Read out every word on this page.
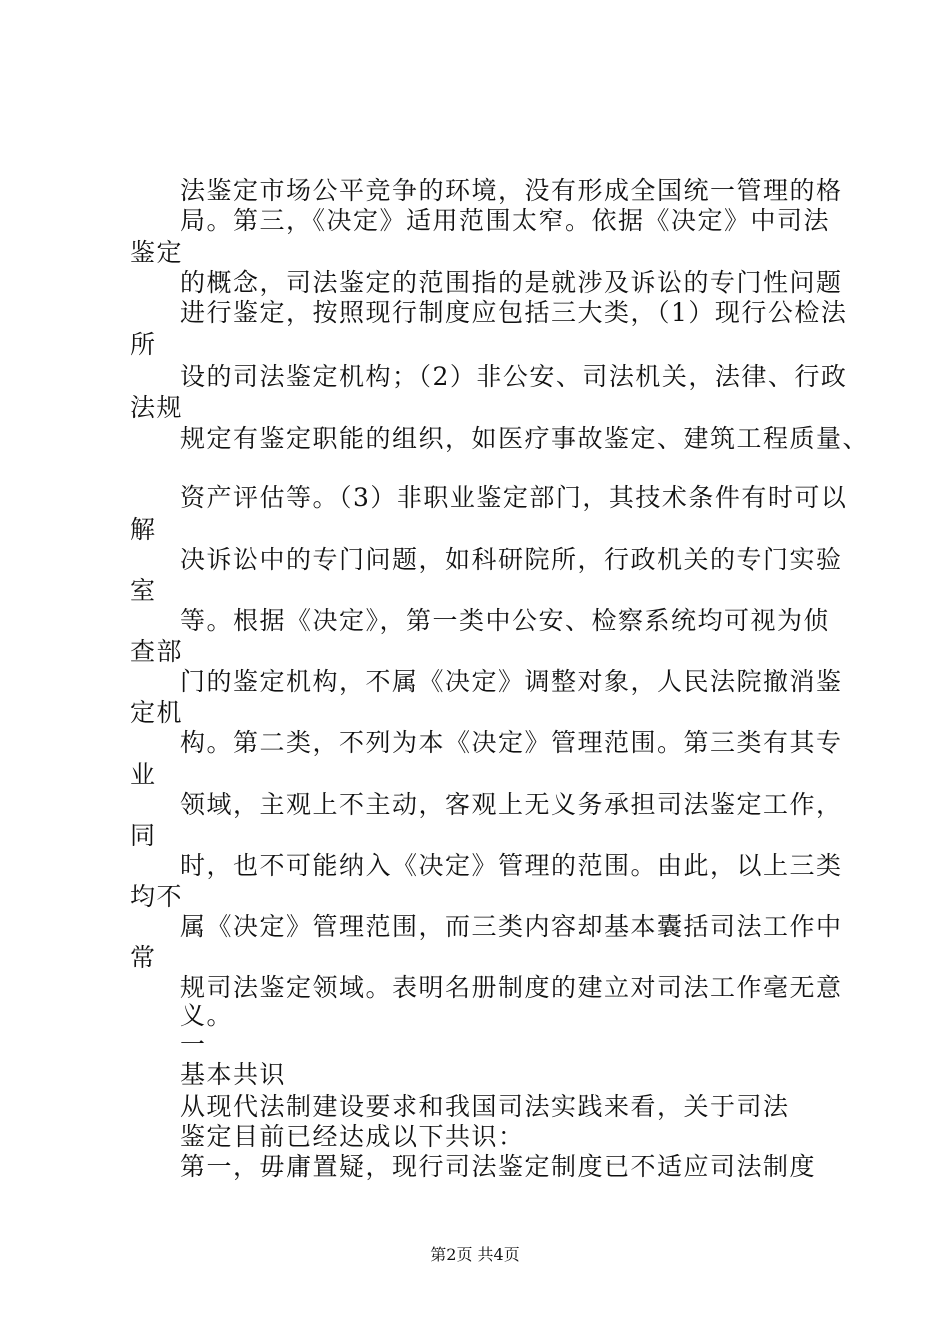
法鉴定市场公平竞争的环境，没有形成全国统一管理的格
局。第三，《决定》适用范围太窄。依据《决定》中司法
鉴定
的概念，司法鉴定的范围指的是就涉及诉讼的专门性问题
进行鉴定，按照现行制度应包括三大类，（1）现行公检法
所
设的司法鉴定机构；（2）非公安、司法机关，法律、行政
法规
规定有鉴定职能的组织，如医疗事故鉴定、建筑工程质量、
资产评估等。（3）非职业鉴定部门，其技术条件有时可以
解
决诉讼中的专门问题，如科研院所，行政机关的专门实验
室
等。根据《决定》，第一类中公安、检察系统均可视为侦
查部
门的鉴定机构，不属《决定》调整对象，人民法院撤消鉴
定机
构。第二类，不列为本《决定》管理范围。第三类有其专
业
领域，主观上不主动，客观上无义务承担司法鉴定工作，
同
时，也不可能纳入《决定》管理的范围。由此，以上三类
均不
属《决定》管理范围，而三类内容却基本囊括司法工作中
常
规司法鉴定领域。表明名册制度的建立对司法工作毫无意
义。
一
基本共识
从现代法制建设要求和我国司法实践来看，关于司法
鉴定目前已经达成以下共识：
第一，毋庸置疑，现行司法鉴定制度已不适应司法制度
第2页 共4页
